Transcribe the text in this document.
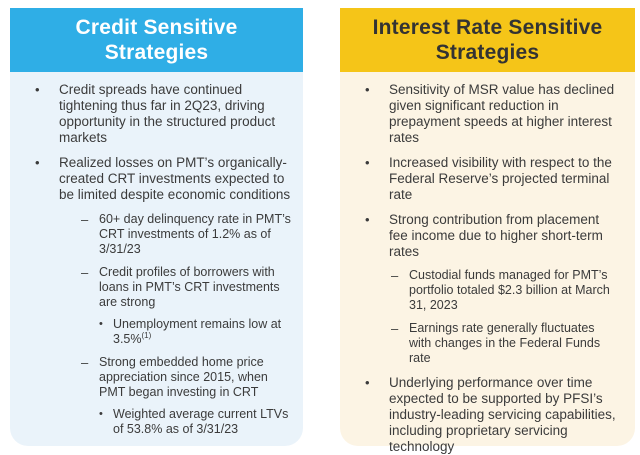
Credit Sensitive
Strategies
• Credit spreads have continued tightening thus far in 2Q23, driving opportunity in the structured product markets
• Realized losses on PMT’s organically-created CRT investments expected to be limited despite economic conditions
– 60+ day delinquency rate in PMT’s CRT investments of 1.2% as of 3/31/23
– Credit profiles of borrowers with loans in PMT’s CRT investments are strong
• Unemployment remains low at 3.5%$^{(1)}$
– Strong embedded home price appreciation since 2015, when PMT began investing in CRT
• Weighted average current LTVs of 53.8% as of 3/31/23
Interest Rate Sensitive
Strategies
• Sensitivity of MSR value has declined given significant reduction in prepayment speeds at higher interest rates
• Increased visibility with respect to the Federal Reserve’s projected terminal rate
• Strong contribution from placement fee income due to higher short-term rates
– Custodial funds managed for PMT’s portfolio totaled $2.3 billion at March 31, 2023
– Earnings rate generally fluctuates with changes in the Federal Funds rate
• Underlying performance over time expected to be supported by PFSI’s industry-leading servicing capabilities, including proprietary servicing technology
